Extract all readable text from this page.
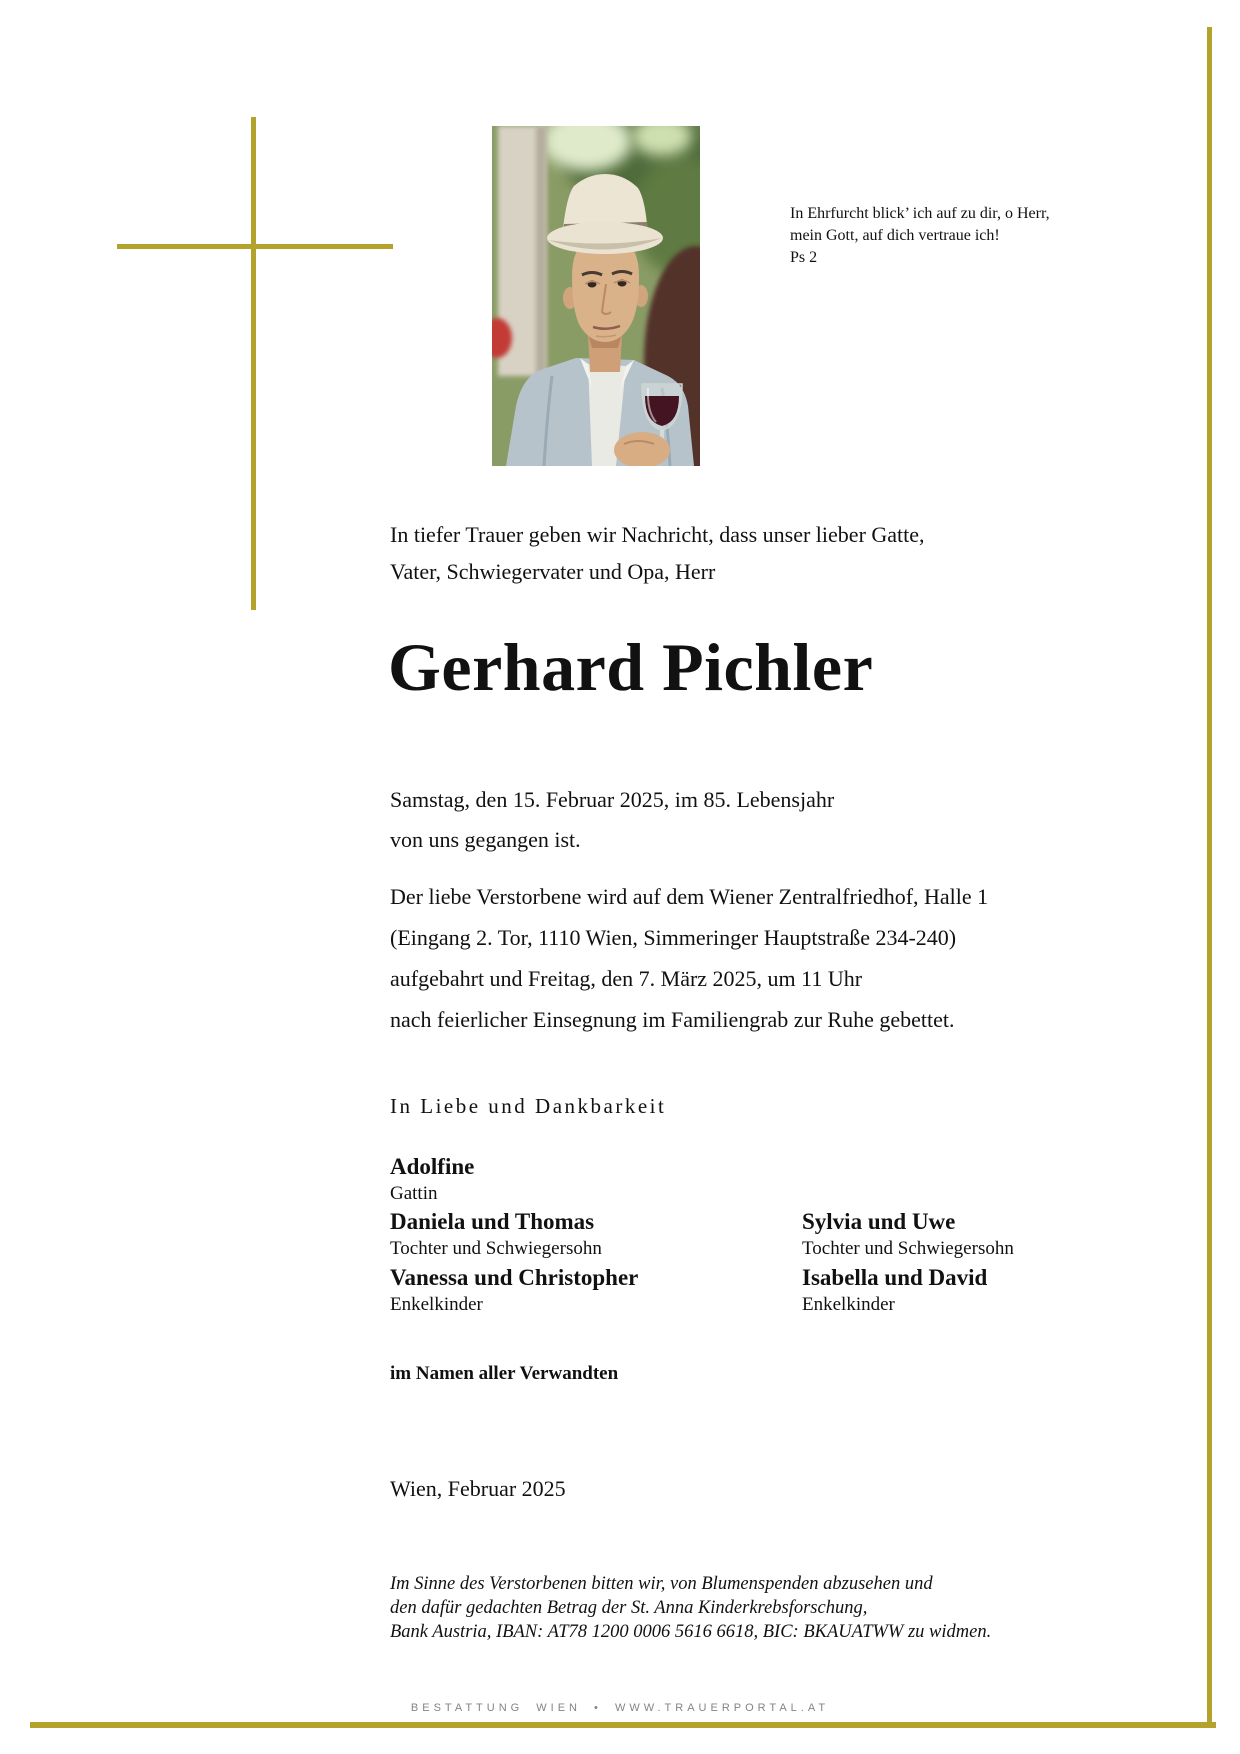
In Ehrfurcht blick’ ich auf zu dir, o Herr,
mein Gott, auf dich vertraue ich!
Ps 2
In tiefer Trauer geben wir Nachricht, dass unser lieber Gatte,
Vater, Schwiegervater und Opa, Herr
Gerhard Pichler
Samstag, den 15. Februar 2025, im 85. Lebensjahr
von uns gegangen ist.
Der liebe Verstorbene wird auf dem Wiener Zentralfriedhof, Halle 1
(Eingang 2. Tor, 1110 Wien, Simmeringer Hauptstraße 234-240)
aufgebahrt und Freitag, den 7. März 2025, um 11 Uhr
nach feierlicher Einsegnung im Familiengrab zur Ruhe gebettet.
In Liebe und Dankbarkeit
Adolfine
Gattin
Daniela und Thomas
Tochter und Schwiegersohn
Sylvia und Uwe
Tochter und Schwiegersohn
Vanessa und Christopher
Enkelkinder
Isabella und David
Enkelkinder
im Namen aller Verwandten
Wien, Februar 2025
Im Sinne des Verstorbenen bitten wir, von Blumenspenden abzusehen und
den dafür gedachten Betrag der St. Anna Kinderkrebsforschung,
Bank Austria, IBAN: AT78 1200 0006 5616 6618, BIC: BKAUATWW zu widmen.
BESTATTUNG WIEN • WWW.TRAUERPORTAL.AT
